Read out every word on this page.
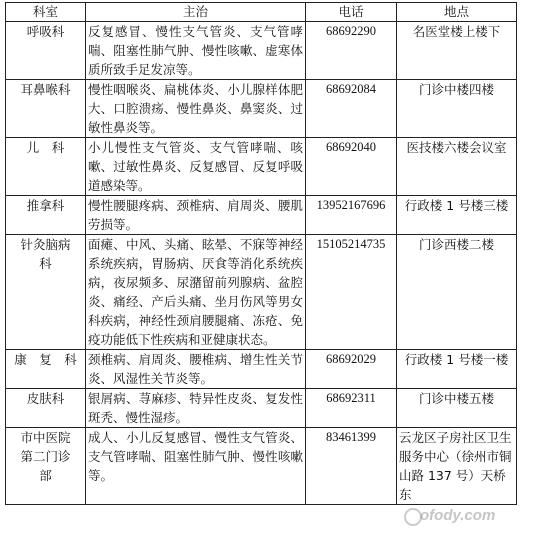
科室	主治	电话	地点

呼吸科	反复感冒、慢性支气管炎、支气管哮喘、阻塞性肺气肿、慢性咳嗽、虚寒体质所致手足发凉等。	68692290	名医堂楼上楼下

耳鼻喉科	慢性咽喉炎、扁桃体炎、小儿腺样体肥大、口腔溃疡、慢性鼻炎、鼻窦炎、过敏性鼻炎等。	68692084	门诊中楼四楼

儿　科	小儿慢性支气管炎、支气管哮喘、咳嗽、过敏性鼻炎、反复感冒、反复呼吸道感染等。	68692040	医技楼六楼会议室

推拿科	慢性腰腿疼病、颈椎病、肩周炎、腰肌劳损等。	13952167696	行政楼 1 号楼三楼

针灸脑病
科	面瘫、中风、头痛、眩晕、不寐等神经系统疾病，胃肠病、厌食等消化系统疾病，夜尿频多、尿潴留前列腺病、盆腔炎、痛经、产后头痛、坐月伤风等男女科疾病，神经性颈肩腰腿痛、冻疮、免疫功能低下性疾病和亚健康状态。	15105214735	门诊西楼二楼

康　复　科	颈椎病、肩周炎、腰椎病、增生性关节炎、风湿性关节炎等。	68692029	行政楼 1 号楼一楼

皮肤科	银屑病、荨麻疹、特异性皮炎、复发性斑秃、慢性湿疹。	68692311	门诊中楼五楼

市中医院
第二门诊
部	成人、小儿反复感冒、慢性支气管炎、支气管哮喘、阻塞性肺气肿、慢性咳嗽等。	83461399	云龙区子房社区卫生服务中心（徐州市铜山路 137 号）天桥东
ofody.com
